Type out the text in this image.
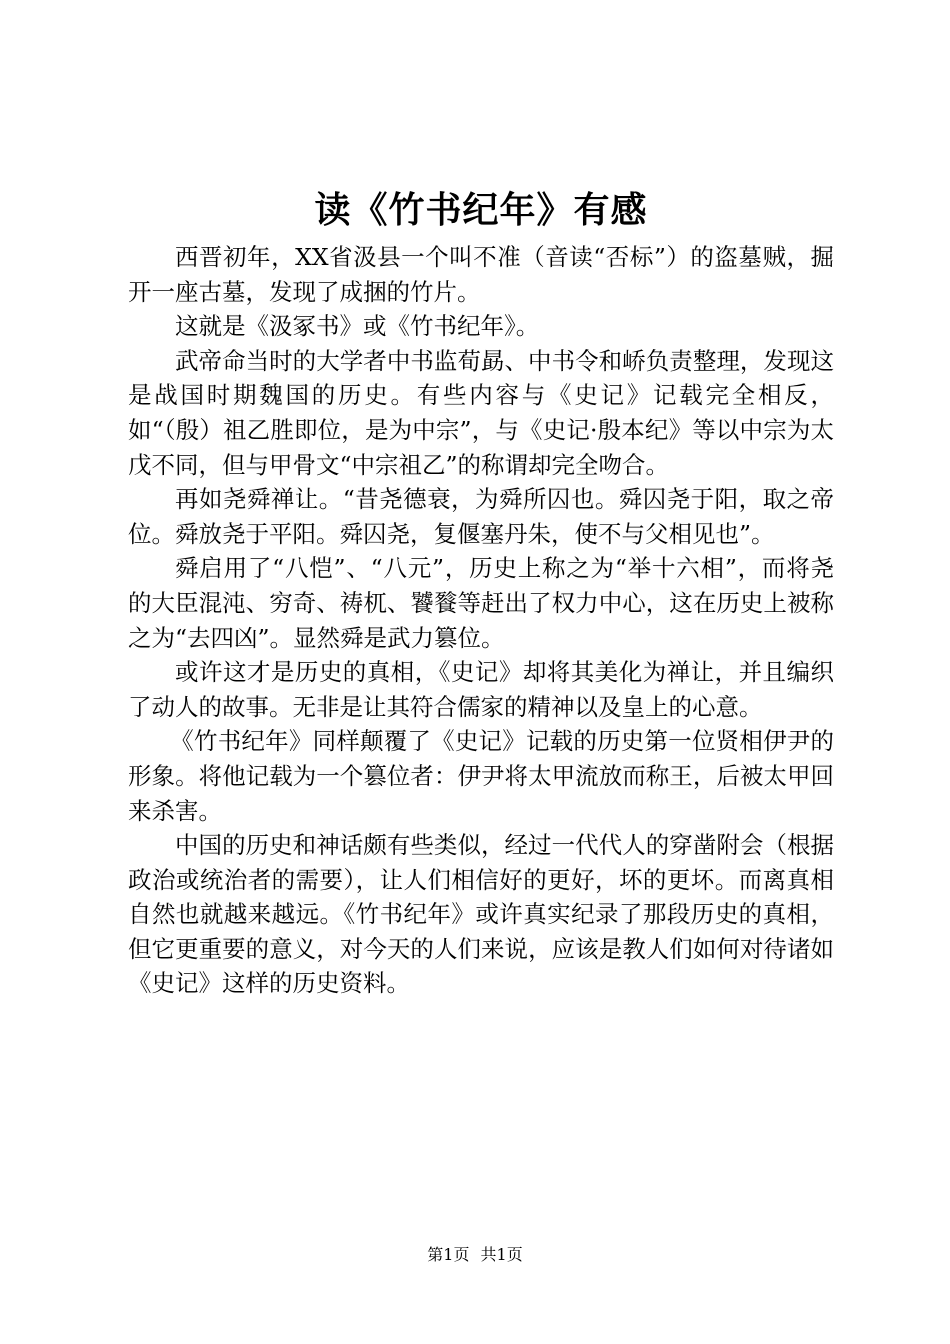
读《竹书纪年》有感

西晋初年，XX省汲县一个叫不准（音读“否标”）的盗墓贼，掘开一座古墓，发现了成捆的竹片。

这就是《汲冢书》或《竹书纪年》。

武帝命当时的大学者中书监荀勗、中书令和峤负责整理，发现这是战国时期魏国的历史。有些内容与《史记》记载完全相反，如“（殷）祖乙胜即位，是为中宗”，与《史记·殷本纪》等以中宗为太戊不同，但与甲骨文“中宗祖乙”的称谓却完全吻合。

再如尧舜禅让。“昔尧德衰，为舜所囚也。舜囚尧于阳，取之帝位。舜放尧于平阳。舜囚尧，复偃塞丹朱，使不与父相见也”。

舜启用了“八恺”、“八元”，历史上称之为“举十六相”，而将尧的大臣混沌、穷奇、祷杌、饕餮等赶出了权力中心，这在历史上被称之为“去四凶”。显然舜是武力篡位。

或许这才是历史的真相，《史记》却将其美化为禅让，并且编织了动人的故事。无非是让其符合儒家的精神以及皇上的心意。

《竹书纪年》同样颠覆了《史记》记载的历史第一位贤相伊尹的形象。将他记载为一个篡位者：伊尹将太甲流放而称王，后被太甲回来杀害。

中国的历史和神话颇有些类似，经过一代代人的穿凿附会（根据政治或统治者的需要），让人们相信好的更好，坏的更坏。而离真相自然也就越来越远。《竹书纪年》或许真实纪录了那段历史的真相，但它更重要的意义，对今天的人们来说，应该是教人们如何对待诸如《史记》这样的历史资料。

第1页 共1页
